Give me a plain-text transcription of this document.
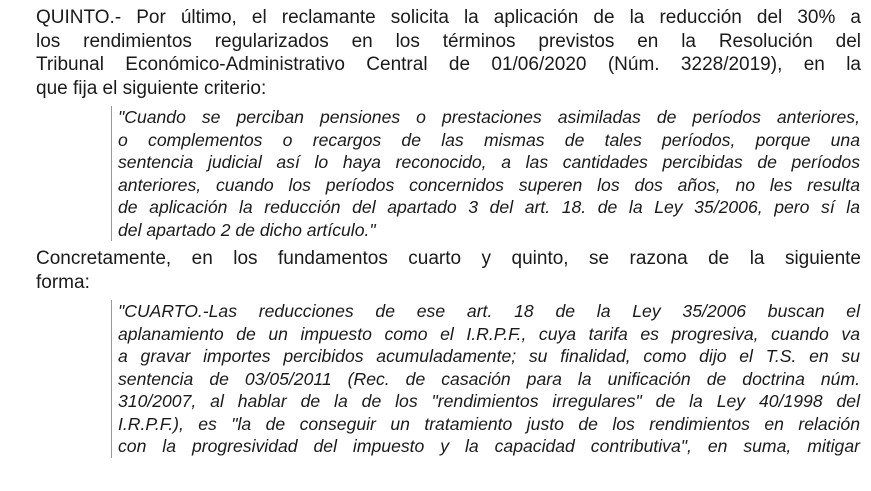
QUINTO.- Por último, el reclamante solicita la aplicación de la reducción del 30% a
los rendimientos regularizados en los términos previstos en la Resolución del
Tribunal Económico-Administrativo Central de 01/06/2020 (Núm. 3228/2019), en la
que fija el siguiente criterio:
"Cuando se perciban pensiones o prestaciones asimiladas de períodos anteriores,
o complementos o recargos de las mismas de tales períodos, porque una
sentencia judicial así lo haya reconocido, a las cantidades percibidas de períodos
anteriores, cuando los períodos concernidos superen los dos años, no les resulta
de aplicación la reducción del apartado 3 del art. 18. de la Ley 35/2006, pero sí la
del apartado 2 de dicho artículo."
Concretamente, en los fundamentos cuarto y quinto, se razona de la siguiente
forma:
"CUARTO.-Las reducciones de ese art. 18 de la Ley 35/2006 buscan el
aplanamiento de un impuesto como el I.R.P.F., cuya tarifa es progresiva, cuando va
a gravar importes percibidos acumuladamente; su finalidad, como dijo el T.S. en su
sentencia de 03/05/2011 (Rec. de casación para la unificación de doctrina núm.
310/2007, al hablar de la de los "rendimientos irregulares" de la Ley 40/1998 del
I.R.P.F.), es "la de conseguir un tratamiento justo de los rendimientos en relación
con la progresividad del impuesto y la capacidad contributiva", en suma, mitigar
